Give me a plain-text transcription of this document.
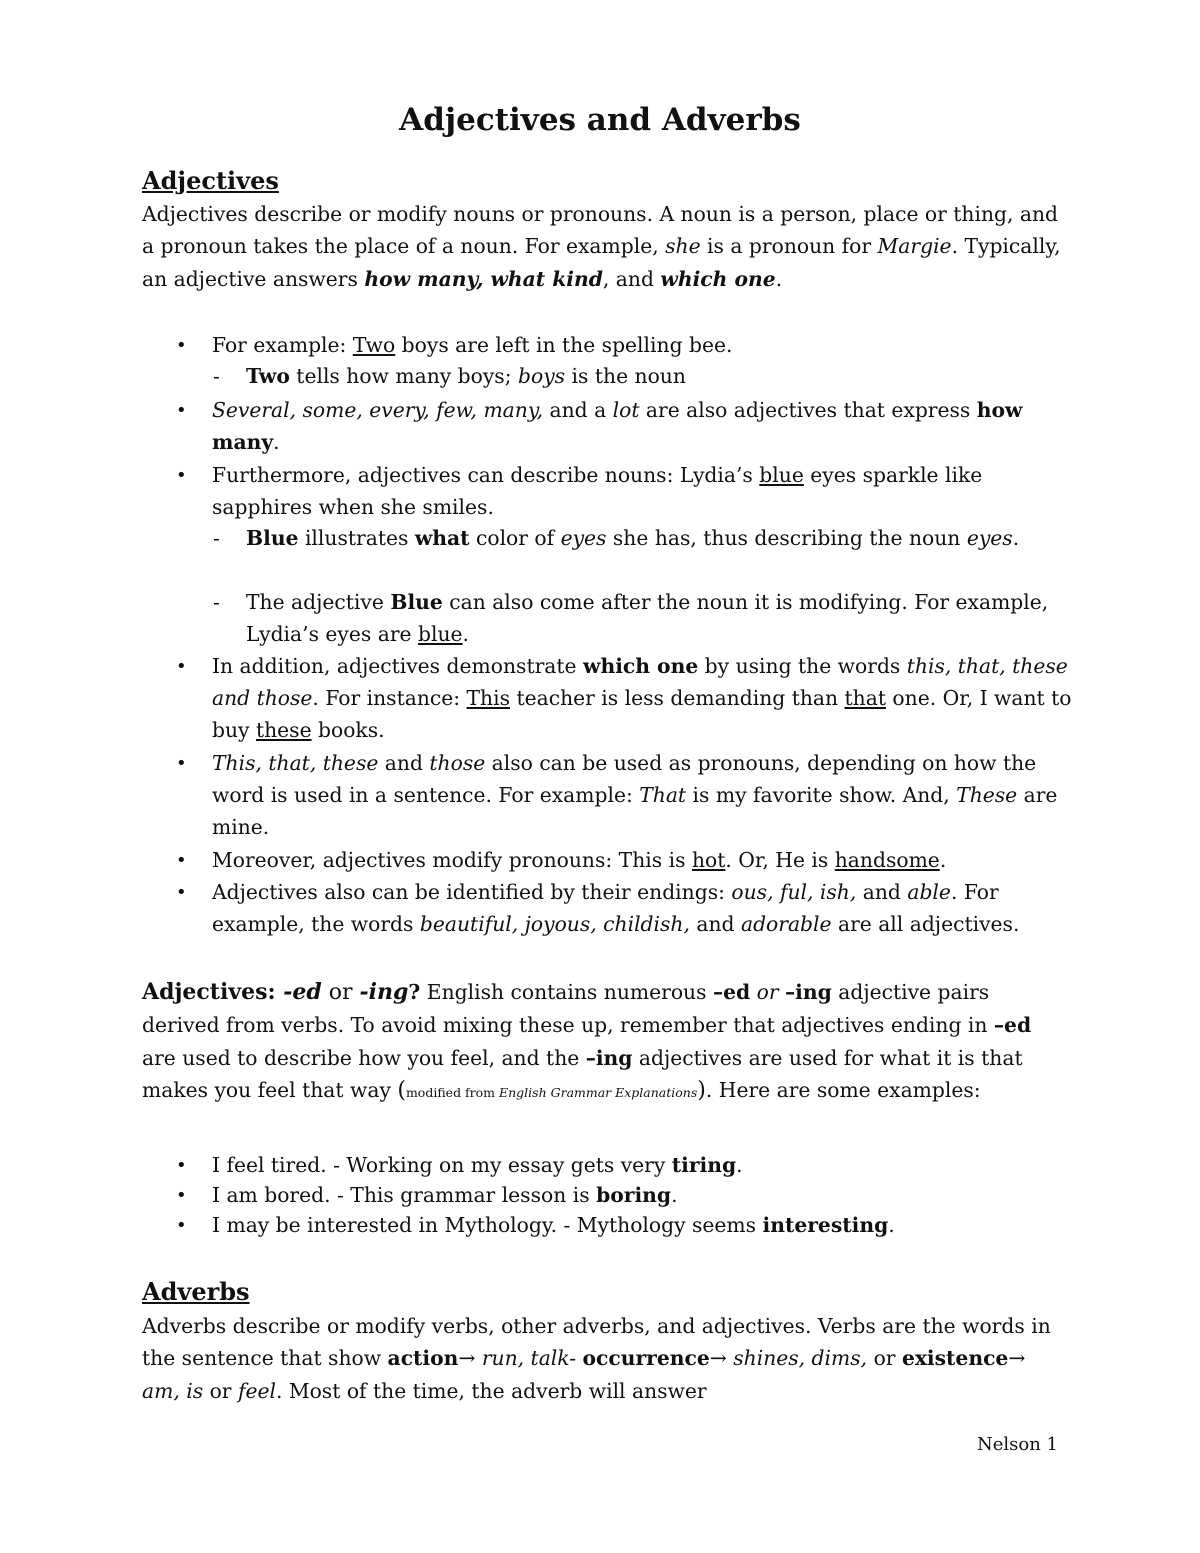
Adjectives and Adverbs
Adjectives

Adjectives describe or modify nouns or pronouns. A noun is a person, place or thing, and a pronoun takes the place of a noun. For example, she is a pronoun for Margie. Typically, an adjective answers how many, what kind, and which one.

• For example: Two boys are left in the spelling bee.

- Two tells how many boys; boys is the noun

• Several, some, every, few, many, and a lot are also adjectives that express how many.

• Furthermore, adjectives can describe nouns: Lydia’s blue eyes sparkle like sapphires when she smiles.

- Blue illustrates what color of eyes she has, thus describing the noun eyes.

- The adjective Blue can also come after the noun it is modifying. For example, Lydia’s eyes are blue.

• In addition, adjectives demonstrate which one by using the words this, that, these and those. For instance: This teacher is less demanding than that one. Or, I want to buy these books.

• This, that, these and those also can be used as pronouns, depending on how the word is used in a sentence. For example: That is my favorite show. And, These are mine.

• Moreover, adjectives modify pronouns: This is hot. Or, He is handsome.

• Adjectives also can be identified by their endings: ous, ful, ish, and able. For example, the words beautiful, joyous, childish, and adorable are all adjectives.

Adjectives: -ed or -ing? English contains numerous –ed or –ing adjective pairs derived from verbs. To avoid mixing these up, remember that adjectives ending in –ed are used to describe how you feel, and the –ing adjectives are used for what it is that makes you feel that way (modified from English Grammar Explanations). Here are some examples:

• I feel tired. - Working on my essay gets very tiring.

• I am bored. - This grammar lesson is boring.

• I may be interested in Mythology. - Mythology seems interesting.

Adverbs

Adverbs describe or modify verbs, other adverbs, and adjectives. Verbs are the words in the sentence that show action→ run, talk- occurrence→ shines, dims, or existence→ am, is or feel. Most of the time, the adverb will answer

Nelson 1
